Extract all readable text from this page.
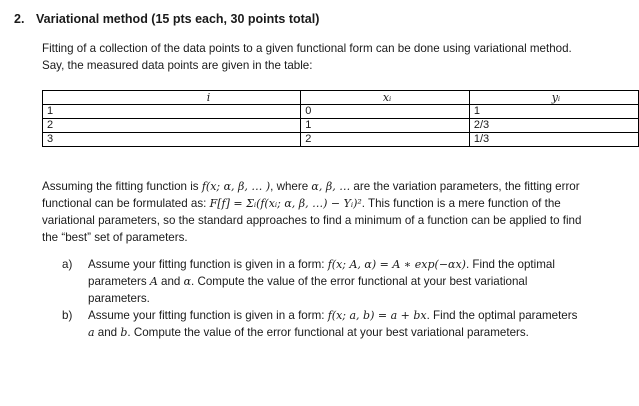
2. Variational method (15 pts each, 30 points total)
Fitting of a collection of the data points to a given functional form can be done using variational method.
Say, the measured data points are given in the table:
i	xᵢ	yᵢ
1	0	1
2	1	2/3
3	2	1/3
Assuming the fitting function is f(x; α, β, … ), where α, β, … are the variation parameters, the fitting error functional can be formulated as: F[f] = Σᵢ(f(xᵢ; α, β, …) − Yᵢ)². This function is a mere function of the variational parameters, so the standard approaches to find a minimum of a function can be applied to find the “best” set of parameters.
a) Assume your fitting function is given in a form: f(x; A, α) = A ∗ exp(−αx). Find the optimal parameters A and α. Compute the value of the error functional at your best variational parameters.
b) Assume your fitting function is given in a form: f(x; a, b) = a + bx. Find the optimal parameters a and b. Compute the value of the error functional at your best variational parameters.
